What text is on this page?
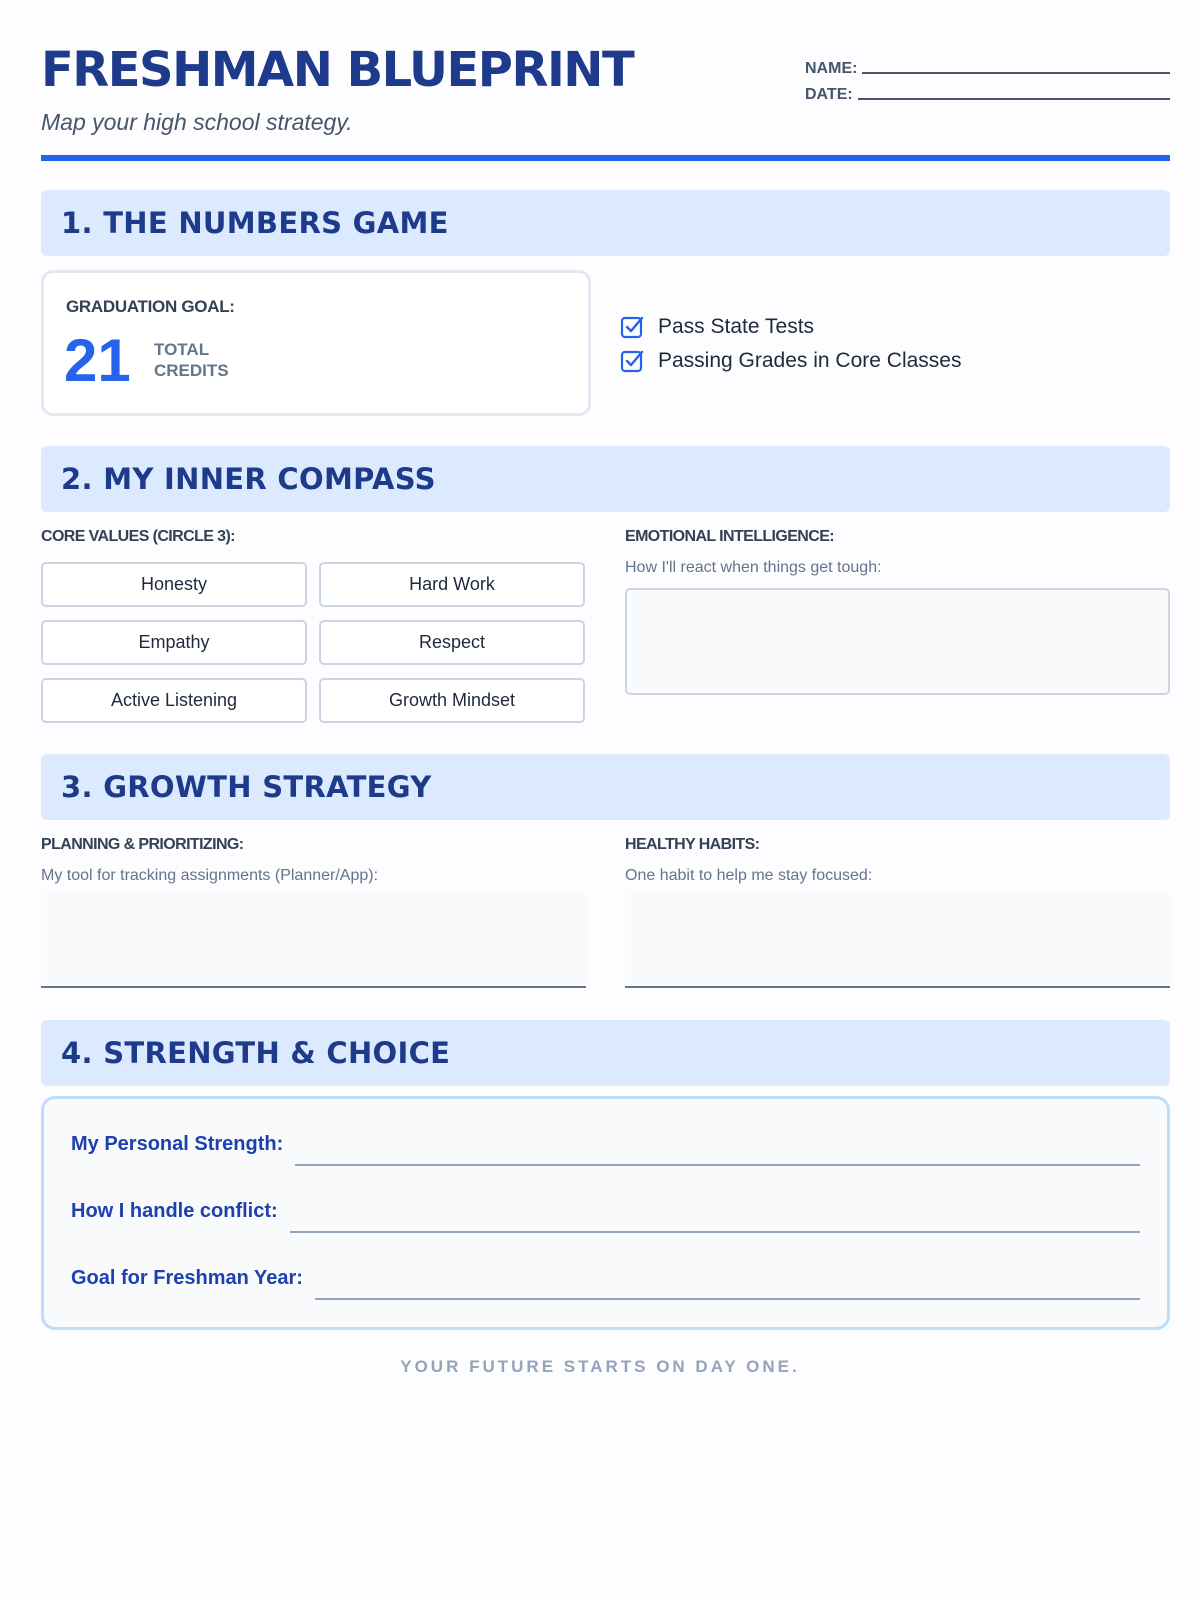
FRESHMAN BLUEPRINT
Map your high school strategy.
NAME:
DATE:
1. THE NUMBERS GAME
GRADUATION GOAL:
21 TOTAL CREDITS
Pass State Tests
Passing Grades in Core Classes
2. MY INNER COMPASS
CORE VALUES (CIRCLE 3):
Honesty	Hard Work
Empathy	Respect
Active Listening	Growth Mindset
EMOTIONAL INTELLIGENCE:
How I'll react when things get tough:
3. GROWTH STRATEGY
PLANNING & PRIORITIZING:
My tool for tracking assignments (Planner/App):
HEALTHY HABITS:
One habit to help me stay focused:
4. STRENGTH & CHOICE
My Personal Strength:
How I handle conflict:
Goal for Freshman Year:
YOUR FUTURE STARTS ON DAY ONE.
